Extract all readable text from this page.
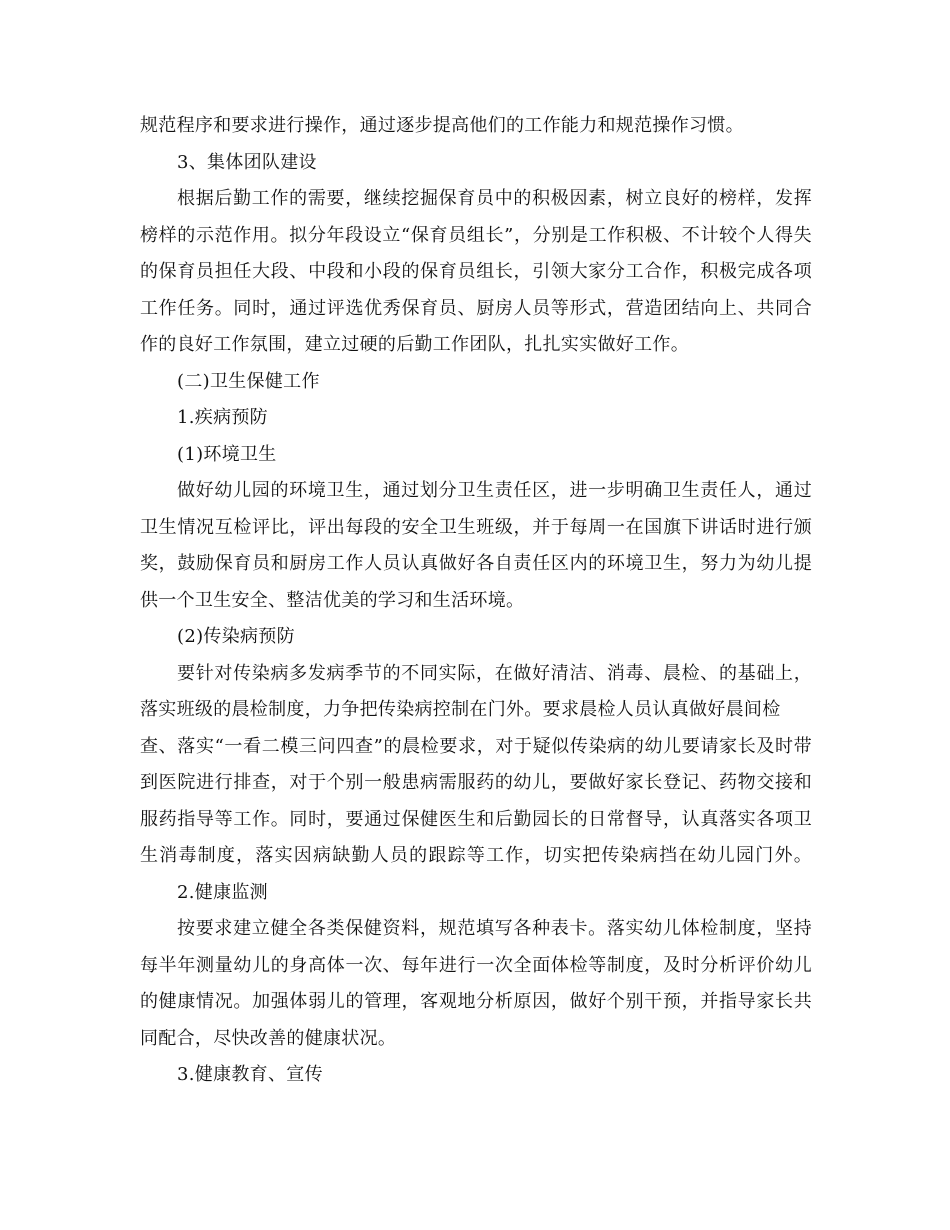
规范程序和要求进行操作，通过逐步提高他们的工作能力和规范操作习惯。
3、集体团队建设
根据后勤工作的需要，继续挖掘保育员中的积极因素，树立良好的榜样，发挥
榜样的示范作用。拟分年段设立“保育员组长”，分别是工作积极、不计较个人得失
的保育员担任大段、中段和小段的保育员组长，引领大家分工合作，积极完成各项
工作任务。同时，通过评选优秀保育员、厨房人员等形式，营造团结向上、共同合
作的良好工作氛围，建立过硬的后勤工作团队，扎扎实实做好工作。
(二)卫生保健工作
1.疾病预防
(1)环境卫生
做好幼儿园的环境卫生，通过划分卫生责任区，进一步明确卫生责任人，通过
卫生情况互检评比，评出每段的安全卫生班级，并于每周一在国旗下讲话时进行颁
奖，鼓励保育员和厨房工作人员认真做好各自责任区内的环境卫生，努力为幼儿提
供一个卫生安全、整洁优美的学习和生活环境。
(2)传染病预防
要针对传染病多发病季节的不同实际，在做好清洁、消毒、晨检、的基础上，
落实班级的晨检制度，力争把传染病控制在门外。要求晨检人员认真做好晨间检
查、落实“一看二模三问四查”的晨检要求，对于疑似传染病的幼儿要请家长及时带
到医院进行排查，对于个别一般患病需服药的幼儿，要做好家长登记、药物交接和
服药指导等工作。同时，要通过保健医生和后勤园长的日常督导，认真落实各项卫
生消毒制度，落实因病缺勤人员的跟踪等工作，切实把传染病挡在幼儿园门外。
2.健康监测
按要求建立健全各类保健资料，规范填写各种表卡。落实幼儿体检制度，坚持
每半年测量幼儿的身高体一次、每年进行一次全面体检等制度，及时分析评价幼儿
的健康情况。加强体弱儿的管理，客观地分析原因，做好个别干预，并指导家长共
同配合，尽快改善的健康状况。
3.健康教育、宣传
